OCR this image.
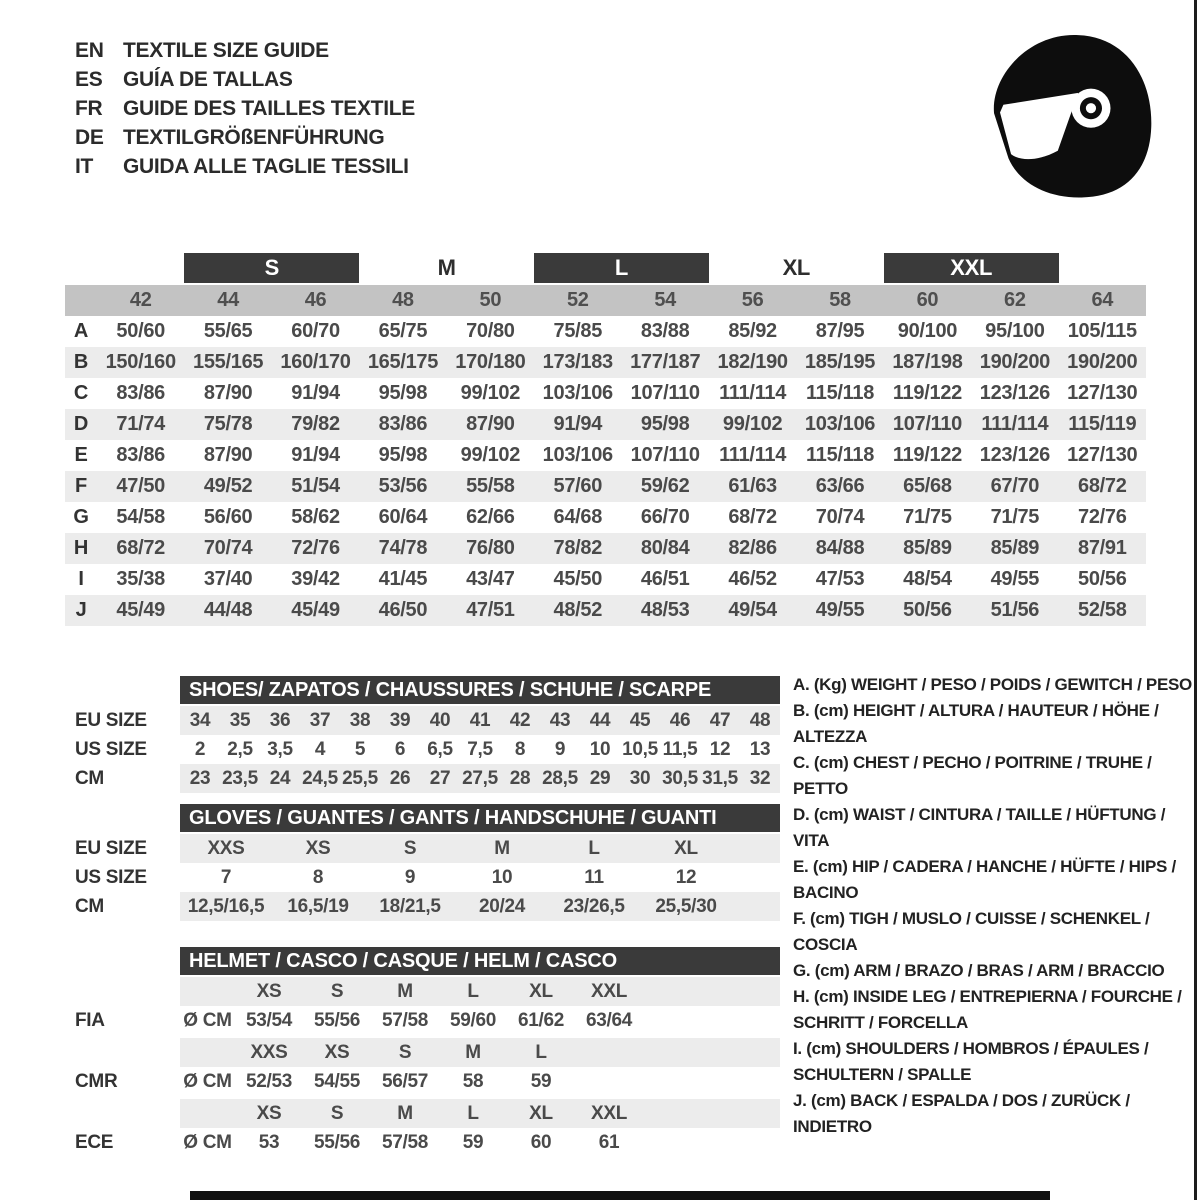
EN TEXTILE SIZE GUIDE
ES GUÍA DE TALLAS
FR GUIDE DES TAILLES TEXTILE
DE TEXTILGRÖßENFÜHRUNG
IT	GUIDA ALLE TAGLIE TESSILI
S	M	L	XL	XXL
42	44	46	48	50	52	54	56	58	60	62	64
A	50/60	55/65	60/70	65/75	70/80	75/85	83/88	85/92	87/95	90/100	95/100	105/115
B 150/160 155/165 160/170 165/175 170/180 173/183 177/187 182/190 185/195 187/198 190/200 190/200
C	83/86	87/90	91/94	95/98	99/102	103/106 107/110 111/114 115/118 119/122 123/126 127/130
D	71/74	75/78	79/82	83/86	87/90	91/94	95/98	99/102	103/106 107/110 111/114 115/119
E	83/86	87/90	91/94	95/98	99/102	103/106 107/110 111/114 115/118 119/122 123/126 127/130
F	47/50	49/52	51/54	53/56	55/58	57/60	59/62	61/63	63/66	65/68	67/70	68/72
G	54/58	56/60	58/62	60/64	62/66	64/68	66/70	68/72	70/74	71/75	71/75	72/76
H	68/72	70/74	72/76	74/78	76/80	78/82	80/84	82/86	84/88	85/89	85/89	87/91
I	35/38	37/40	39/42	41/45	43/47	45/50	46/51	46/52	47/53	48/54	49/55	50/56
J	45/49	44/48	45/49	46/50	47/51	48/52	48/53	49/54	49/55	50/56	51/56	52/58
SHOES/ ZAPATOS / CHAUSSURES / SCHUHE / SCARPE
EU SIZE	34	35	36	37	38	39	40	41	42	43	44	45	46	47	48
US SIZE	2	2,5 3,5	4	5	6	6,5 7,5	8	9	10 10,5 11,5 12	13
CM	23 23,5 24 24,5 25,5 26	27 27,5 28 28,5 29	30 30,5 31,5 32
GLOVES / GUANTES / GANTS / HANDSCHUHE / GUANTI
EU SIZE	XXS	XS	S	M	L	XL
US SIZE	7	8	9	10	11	12
CM	12,5/16,5	16,5/19	18/21,5	20/24	23/26,5	25,5/30
HELMET / CASCO / CASQUE / HELM / CASCO
XS	S	M	L	XL	XXL
FIA	Ø CM 53/54	55/56	57/58	59/60	61/62	63/64
XXS	XS	S	M	L
CMR	Ø CM 52/53	54/55	56/57	58	59
XS	S	M	L	XL	XXL
ECE	Ø CM	53	55/56	57/58	59	60	61
A. (Kg) WEIGHT / PESO / POIDS / GEWITCH / PESO
B. (cm) HEIGHT / ALTURA / HAUTEUR / HÖHE / ALTEZZA
C. (cm) CHEST / PECHO / POITRINE / TRUHE / PETTO
D. (cm) WAIST / CINTURA / TAILLE / HÜFTUNG / VITA
E. (cm) HIP / CADERA / HANCHE / HÜFTE / HIPS / BACINO
F. (cm) TIGH / MUSLO / CUISSE / SCHENKEL / COSCIA
G. (cm) ARM / BRAZO / BRAS / ARM / BRACCIO
H. (cm) INSIDE LEG / ENTREPIERNA / FOURCHE / SCHRITT / FORCELLA
I. (cm) SHOULDERS / HOMBROS / ÉPAULES / SCHULTERN / SPALLE
J. (cm) BACK / ESPALDA / DOS / ZURÜCK / INDIETRO
